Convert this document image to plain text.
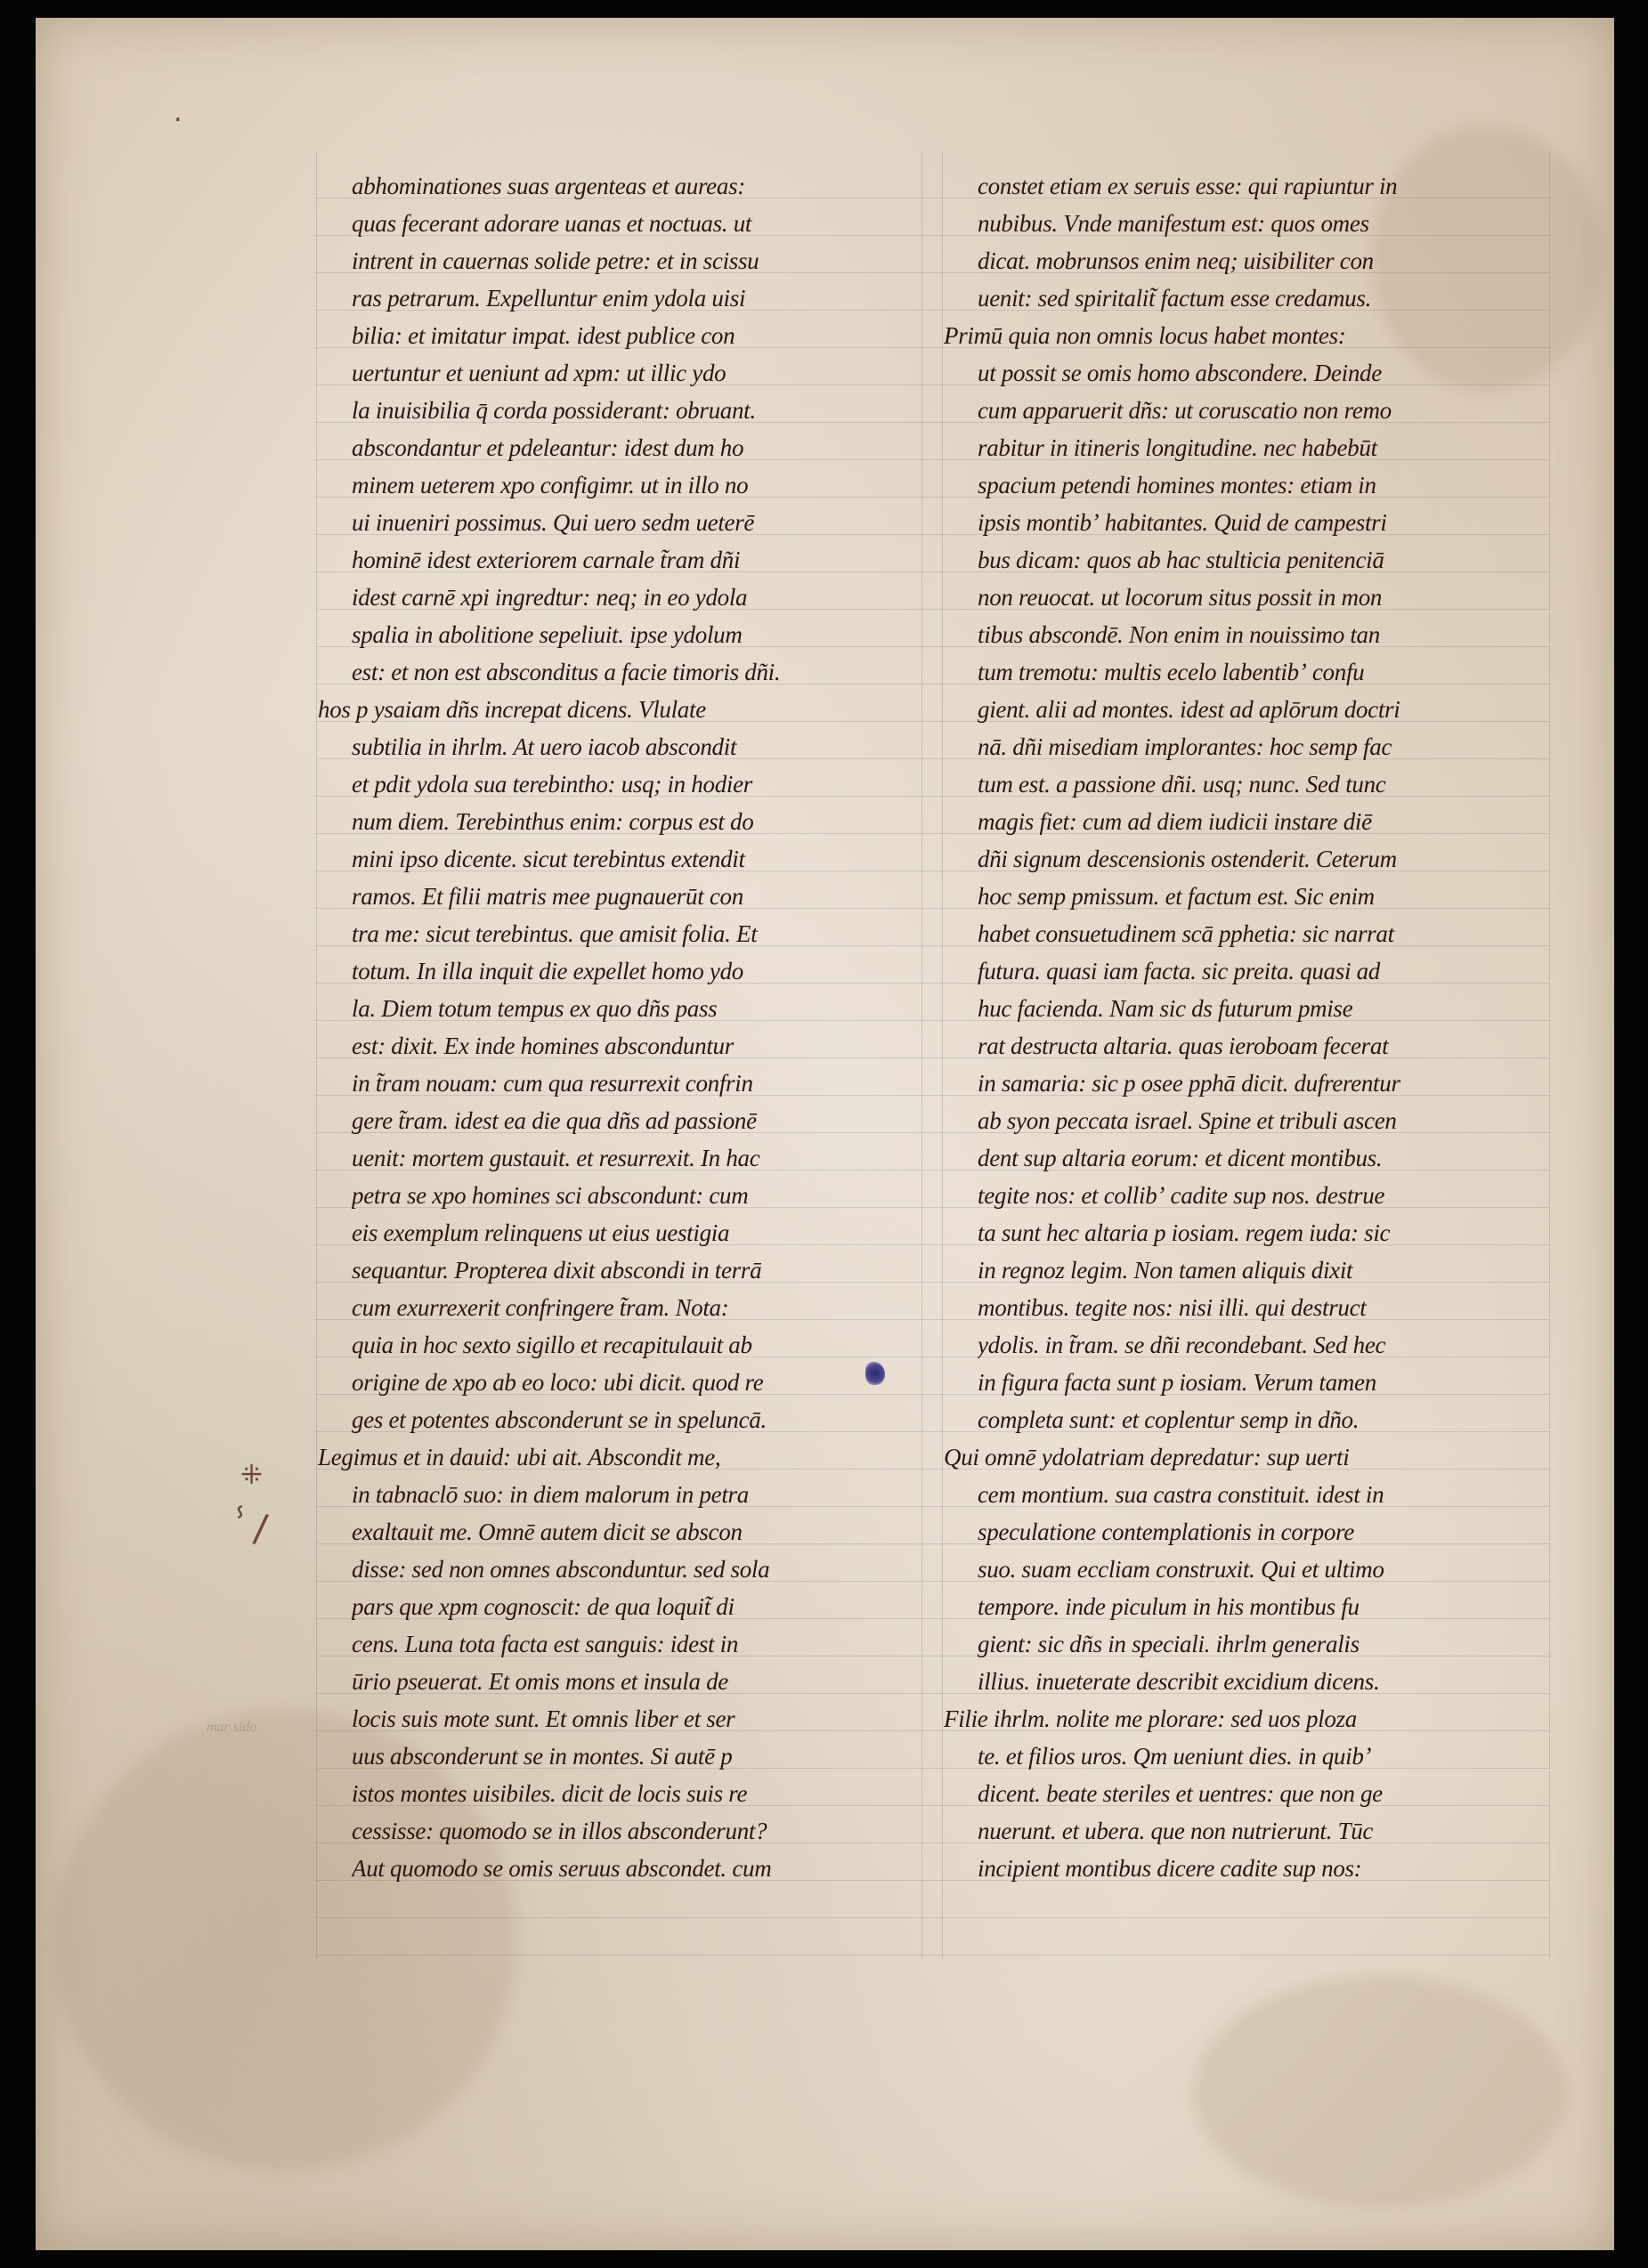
⁜
ⸯ/
mar sido
·
abhominationes suas argenteas et aureas:
quas fecerant adorare uanas et noctuas. ut
intrent in cauernas solide petre: et in scissu
ras petrarum. Expelluntur enim ydola uisi
bilia: et imitatur impat. idest publice con
uertuntur et ueniunt ad xpm: ut illic ydo
la inuisibilia q̄ corda possiderant: obruant.
abscondantur et pdeleantur: idest dum ho
minem ueterem xpo configimr. ut in illo no
ui inueniri possimus. Qui uero sedm ueterē
hominē idest exteriorem carnale t̃ram dñi
idest carnē xpi ingredtur: neq; in eo ydola
spalia in abolitione sepeliuit. ipse ydolum
est: et non est absconditus a facie timoris dñi.
hos p ysaiam dñs increpat dicens. Vlulate
subtilia in ihrlm. At uero iacob abscondit
et pdit ydola sua terebintho: usq; in hodier
num diem. Terebinthus enim: corpus est do
mini ipso dicente. sicut terebintus extendit
ramos. Et filii matris mee pugnauerūt con
tra me: sicut terebintus. que amisit folia. Et
totum. In illa inquit die expellet homo ydo
la. Diem totum tempus ex quo dñs pass
est: dixit. Ex inde homines absconduntur
in t̃ram nouam: cum qua resurrexit confrin
gere t̃ram. idest ea die qua dñs ad passionē
uenit: mortem gustauit. et resurrexit. In hac
petra se xpo homines sci abscondunt: cum
eis exemplum relinquens ut eius uestigia
sequantur. Propterea dixit abscondi in terrā
cum exurrexerit confringere t̃ram. Nota:
quia in hoc sexto sigillo et recapitulauit ab
origine de xpo ab eo loco: ubi dicit. quod re
ges et potentes absconderunt se in speluncā.
Legimus et in dauid: ubi ait. Abscondit me,
in tabnaclō suo: in diem malorum in petra
exaltauit me. Omnē autem dicit se abscon
disse: sed non omnes absconduntur. sed sola
pars que xpm cognoscit: de qua loquit̃ di
cens. Luna tota facta est sanguis: idest in
ūrio pseuerat. Et omis mons et insula de
locis suis mote sunt. Et omnis liber et ser
uus absconderunt se in montes. Si autē p
istos montes uisibiles. dicit de locis suis re
cessisse: quomodo se in illos absconderunt?
Aut quomodo se omis seruus abscondet. cum
constet etiam ex seruis esse: qui rapiuntur in
nubibus. Vnde manifestum est: quos omes
dicat. mobrunsos enim neq; uisibiliter con
uenit: sed spiritalit̃ factum esse credamus.
Primū quia non omnis locus habet montes:
ut possit se omis homo abscondere. Deinde
cum apparuerit dñs: ut coruscatio non remo
rabitur in itineris longitudine. nec habebūt
spacium petendi homines montes: etiam in
ipsis montibʼ habitantes. Quid de campestri
bus dicam: quos ab hac stulticia penitenciā
non reuocat. ut locorum situs possit in mon
tibus abscondē. Non enim in nouissimo tan
tum tremotu: multis ecelo labentibʼ confu
gient. alii ad montes. idest ad aplōrum doctri
nā. dñi misediam implorantes: hoc semp fac
tum est. a passione dñi. usq; nunc. Sed tunc
magis fiet: cum ad diem iudicii instare diē
dñi signum descensionis ostenderit. Ceterum
hoc semp pmissum. et factum est. Sic enim
habet consuetudinem scā pphetia: sic narrat
futura. quasi iam facta. sic preita. quasi ad
huc facienda. Nam sic ds futurum pmise
rat destructa altaria. quas ieroboam fecerat
in samaria: sic p osee pphā dicit. dufrerentur
ab syon peccata israel. Spine et tribuli ascen
dent sup altaria eorum: et dicent montibus.
tegite nos: et collibʼ cadite sup nos. destrue
ta sunt hec altaria p iosiam. regem iuda: sic
in regnoz legim. Non tamen aliquis dixit
montibus. tegite nos: nisi illi. qui destruct
ydolis. in t̃ram. se dñi recondebant. Sed hec
in figura facta sunt p iosiam. Verum tamen
completa sunt: et coplentur semp in dño.
Qui omnē ydolatriam depredatur: sup uerti
cem montium. sua castra constituit. idest in
speculatione contemplationis in corpore
suo. suam eccliam construxit. Qui et ultimo
tempore. inde piculum in his montibus fu
gient: sic dñs in speciali. ihrlm generalis
illius. inueterate describit excidium dicens.
Filie ihrlm. nolite me plorare: sed uos ploza
te. et filios uros. Qm ueniunt dies. in quibʼ
dicent. beate steriles et uentres: que non ge
nuerunt. et ubera. que non nutrierunt. Tūc
incipient montibus dicere cadite sup nos:
